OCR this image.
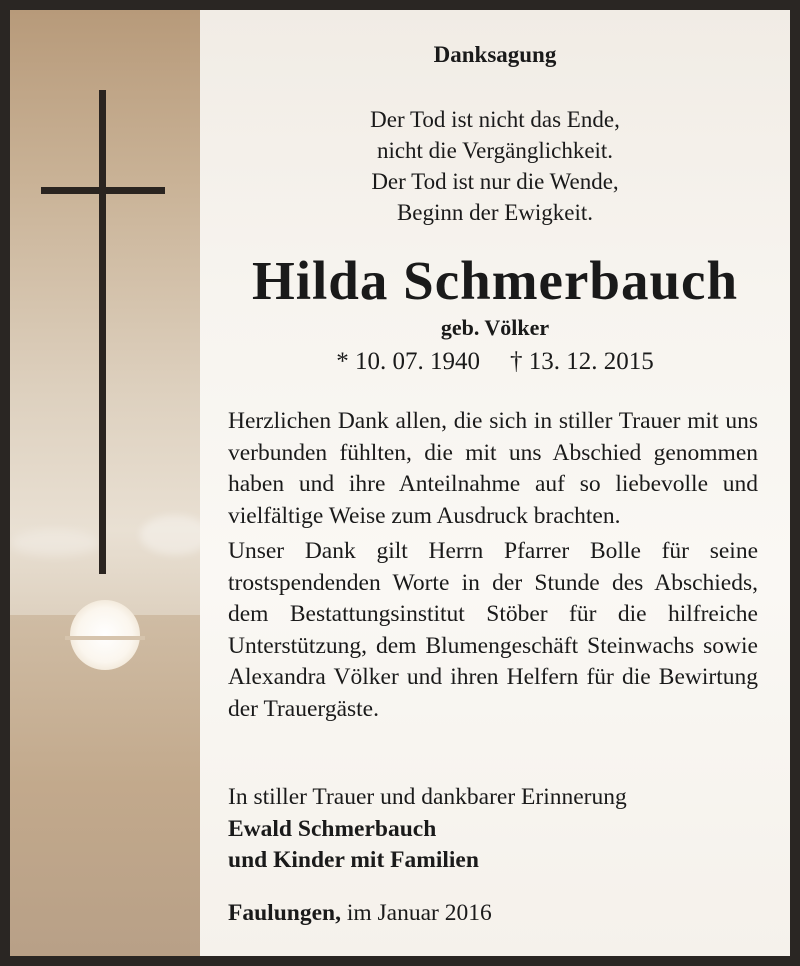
Danksagung
Der Tod ist nicht das Ende,
nicht die Vergänglichkeit.
Der Tod ist nur die Wende,
Beginn der Ewigkeit.
Hilda Schmerbauch
geb. Völker
* 10. 07. 1940 † 13. 12. 2015

Herzlichen Dank allen, die sich in stiller Trauer mit uns verbunden fühlten, die mit uns Abschied genommen haben und ihre Anteilnahme auf so liebevolle und vielfältige Weise zum Ausdruck brachten.

Unser Dank gilt Herrn Pfarrer Bolle für seine trostspendenden Worte in der Stunde des Abschieds, dem Bestattungsinstitut Stöber für die hilfreiche Unterstützung, dem Blumengeschäft Steinwachs sowie Alexandra Völker und ihren Helfern für die Bewirtung der Trauergäste.

In stiller Trauer und dankbarer Erinnerung
Ewald Schmerbauch
und Kinder mit Familien
Faulungen, im Januar 2016
